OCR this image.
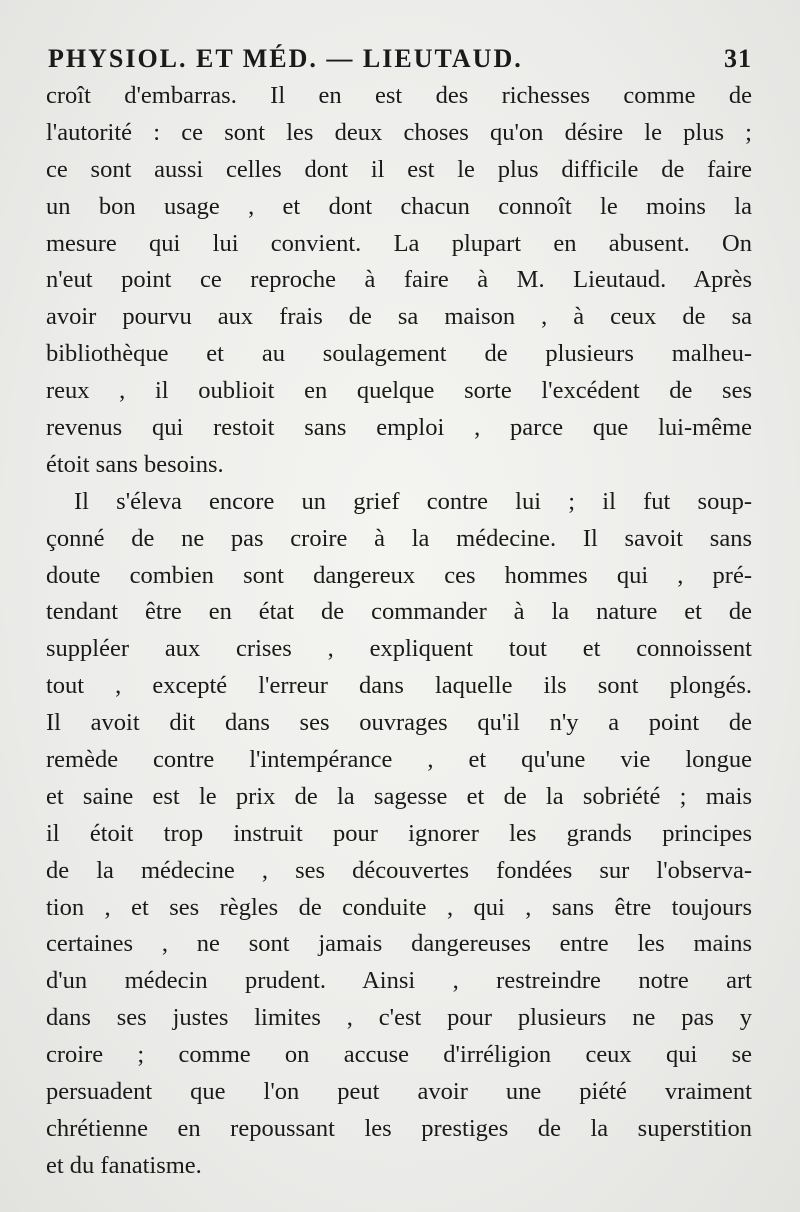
PHYSIOL. ET MÉD. — LIEUTAUD.	31
croît d'embarras. Il en est des richesses comme de
l'autorité : ce sont les deux choses qu'on désire le plus ;
ce sont aussi celles dont il est le plus difficile de faire
un bon usage , et dont chacun connoît le moins la
mesure qui lui convient. La plupart en abusent. On
n'eut point ce reproche à faire à M. Lieutaud. Après
avoir pourvu aux frais de sa maison , à ceux de sa
bibliothèque et au soulagement de plusieurs malheu-
reux , il oublioit en quelque sorte l'excédent de ses
revenus qui restoit sans emploi , parce que lui-même
étoit sans besoins.
Il s'éleva encore un grief contre lui ; il fut soup-
çonné de ne pas croire à la médecine. Il savoit sans
doute combien sont dangereux ces hommes qui , pré-
tendant être en état de commander à la nature et de
suppléer aux crises , expliquent tout et connoissent
tout , excepté l'erreur dans laquelle ils sont plongés.
Il avoit dit dans ses ouvrages qu'il n'y a point de
remède contre l'intempérance , et qu'une vie longue
et saine est le prix de la sagesse et de la sobriété ; mais
il étoit trop instruit pour ignorer les grands principes
de la médecine , ses découvertes fondées sur l'observa-
tion , et ses règles de conduite , qui , sans être toujours
certaines , ne sont jamais dangereuses entre les mains
d'un médecin prudent. Ainsi , restreindre notre art
dans ses justes limites , c'est pour plusieurs ne pas y
croire ; comme on accuse d'irréligion ceux qui se
persuadent que l'on peut avoir une piété vraiment
chrétienne en repoussant les prestiges de la superstition
et du fanatisme.
